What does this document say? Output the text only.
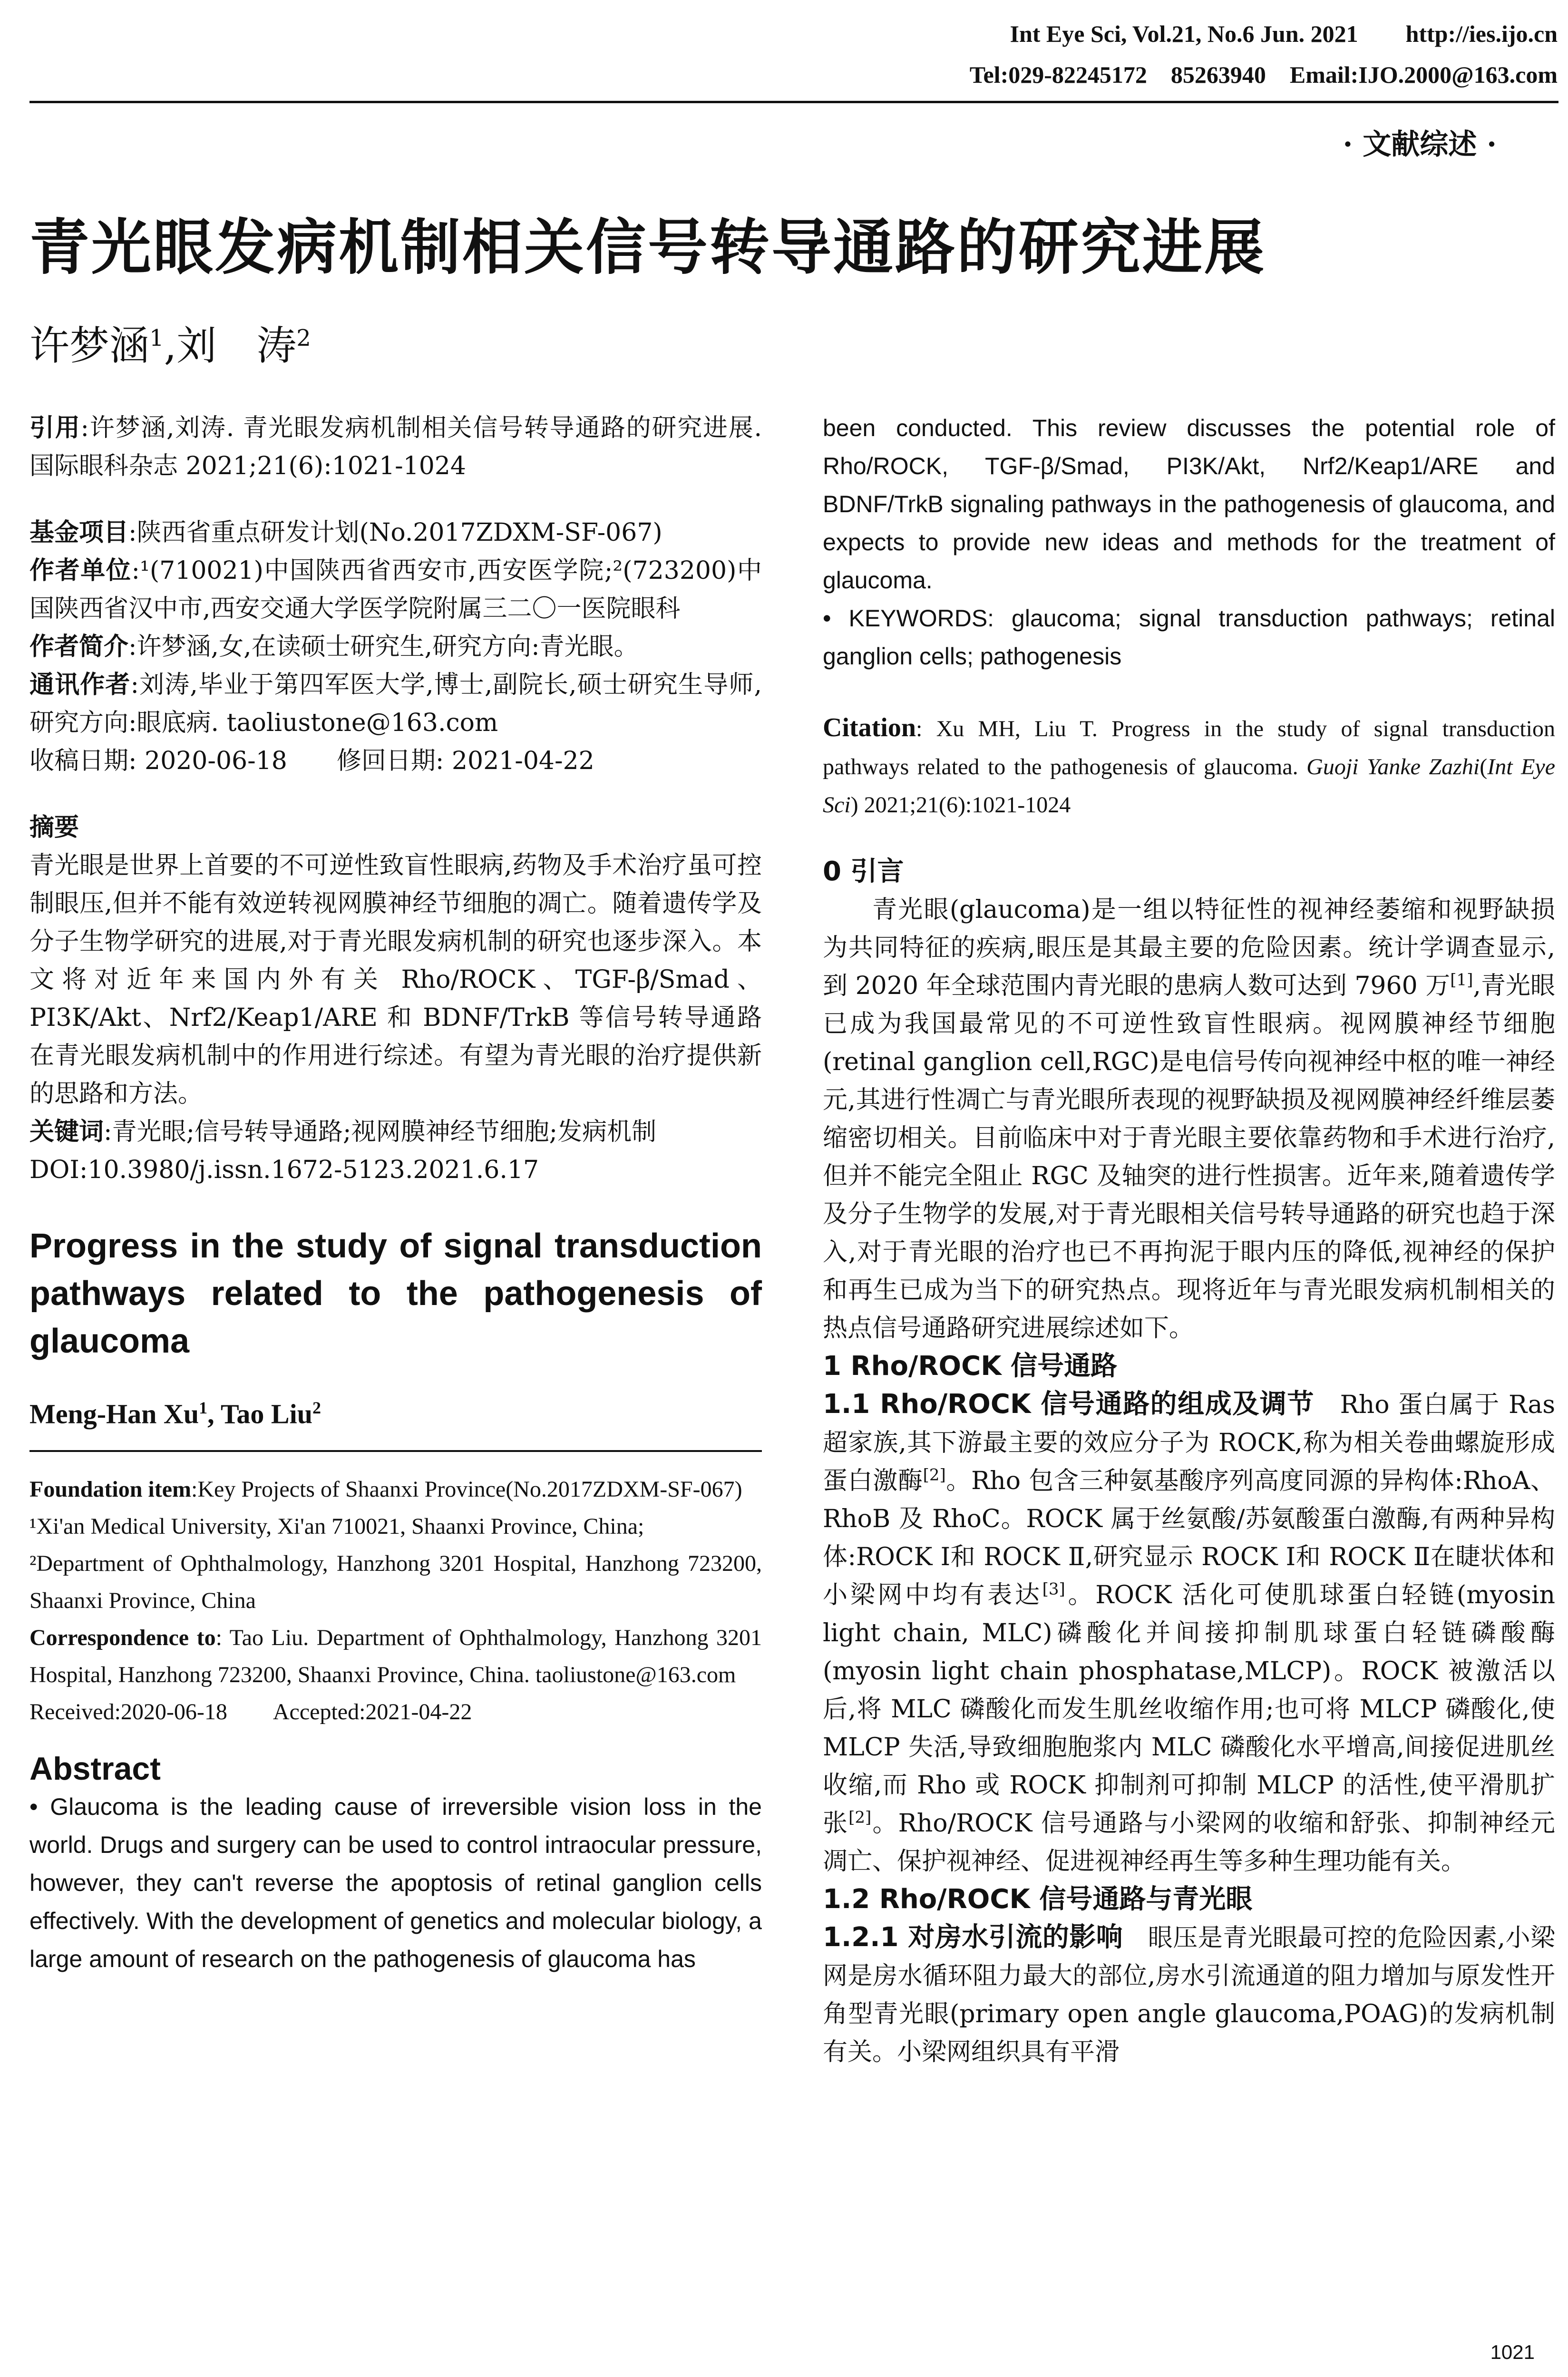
Int Eye Sci, Vol.21, No.6 Jun. 2021        http://ies.ijo.cn
Tel:029-82245172    85263940    Email:IJO.2000@163.com
· 文献综述 ·
青光眼发病机制相关信号转导通路的研究进展
许梦涵$^1$,刘　涛$^2$

引用:许梦涵,刘涛. 青光眼发病机制相关信号转导通路的研究进展. 国际眼科杂志 2021;21(6):1021-1024

基金项目:陕西省重点研发计划(No.2017ZDXM-SF-067)

作者单位:¹(710021)中国陕西省西安市,西安医学院;²(723200)中国陕西省汉中市,西安交通大学医学院附属三二〇一医院眼科

作者简介:许梦涵,女,在读硕士研究生,研究方向:青光眼。

通讯作者:刘涛,毕业于第四军医大学,博士,副院长,硕士研究生导师,研究方向:眼底病. taoliustone@163.com

收稿日期: 2020-06-18　　修回日期: 2021-04-22

摘要

青光眼是世界上首要的不可逆性致盲性眼病,药物及手术治疗虽可控制眼压,但并不能有效逆转视网膜神经节细胞的凋亡。随着遗传学及分子生物学研究的进展,对于青光眼发病机制的研究也逐步深入。本文将对近年来国内外有关 Rho/ROCK、TGF-β/Smad、PI3K/Akt、Nrf2/Keap1/ARE 和 BDNF/TrkB 等信号转导通路在青光眼发病机制中的作用进行综述。有望为青光眼的治疗提供新的思路和方法。

关键词:青光眼;信号转导通路;视网膜神经节细胞;发病机制

DOI:10.3980/j.issn.1672-5123.2021.6.17

Progress in the study of signal transduction pathways related to the pathogenesis of glaucoma

Meng-Han Xu$^1$, Tao Liu$^2$

Foundation item:Key Projects of Shaanxi Province(No.2017ZDXM-SF-067)

¹Xi'an Medical University, Xi'an 710021, Shaanxi Province, China;

²Department of Ophthalmology, Hanzhong 3201 Hospital, Hanzhong 723200, Shaanxi Province, China

Correspondence to: Tao Liu. Department of Ophthalmology, Hanzhong 3201 Hospital, Hanzhong 723200, Shaanxi Province, China. taoliustone@163.com

Received:2020-06-18　　Accepted:2021-04-22

Abstract

• Glaucoma is the leading cause of irreversible vision loss in the world. Drugs and surgery can be used to control intraocular pressure, however, they can't reverse the apoptosis of retinal ganglion cells effectively. With the development of genetics and molecular biology, a large amount of research on the pathogenesis of glaucoma has

been conducted. This review discusses the potential role of Rho/ROCK, TGF-β/Smad, PI3K/Akt, Nrf2/Keap1/ARE and BDNF/TrkB signaling pathways in the pathogenesis of glaucoma, and expects to provide new ideas and methods for the treatment of glaucoma.

• KEYWORDS: glaucoma; signal transduction pathways; retinal ganglion cells; pathogenesis

Citation: Xu MH, Liu T. Progress in the study of signal transduction pathways related to the pathogenesis of glaucoma. Guoji Yanke Zazhi(Int Eye Sci) 2021;21(6):1021-1024

0 引言

青光眼(glaucoma)是一组以特征性的视神经萎缩和视野缺损为共同特征的疾病,眼压是其最主要的危险因素。统计学调查显示,到 2020 年全球范围内青光眼的患病人数可达到 7960 万[1],青光眼已成为我国最常见的不可逆性致盲性眼病。视网膜神经节细胞(retinal ganglion cell,RGC)是电信号传向视神经中枢的唯一神经元,其进行性凋亡与青光眼所表现的视野缺损及视网膜神经纤维层萎缩密切相关。目前临床中对于青光眼主要依靠药物和手术进行治疗,但并不能完全阻止 RGC 及轴突的进行性损害。近年来,随着遗传学及分子生物学的发展,对于青光眼相关信号转导通路的研究也趋于深入,对于青光眼的治疗也已不再拘泥于眼内压的降低,视神经的保护和再生已成为当下的研究热点。现将近年与青光眼发病机制相关的热点信号通路研究进展综述如下。

1 Rho/ROCK 信号通路

1.1 Rho/ROCK 信号通路的组成及调节　Rho 蛋白属于 Ras 超家族,其下游最主要的效应分子为 ROCK,称为相关卷曲螺旋形成蛋白激酶[2]。Rho 包含三种氨基酸序列高度同源的异构体:RhoA、RhoB 及 RhoC。ROCK 属于丝氨酸/苏氨酸蛋白激酶,有两种异构体:ROCK Ⅰ和 ROCK Ⅱ,研究显示 ROCK Ⅰ和 ROCK Ⅱ在睫状体和小梁网中均有表达[3]。ROCK 活化可使肌球蛋白轻链(myosin light chain, MLC)磷酸化并间接抑制肌球蛋白轻链磷酸酶(myosin light chain phosphatase,MLCP)。ROCK 被激活以后,将 MLC 磷酸化而发生肌丝收缩作用;也可将 MLCP 磷酸化,使 MLCP 失活,导致细胞胞浆内 MLC 磷酸化水平增高,间接促进肌丝收缩,而 Rho 或 ROCK 抑制剂可抑制 MLCP 的活性,使平滑肌扩张[2]。Rho/ROCK 信号通路与小梁网的收缩和舒张、抑制神经元凋亡、保护视神经、促进视神经再生等多种生理功能有关。

1.2 Rho/ROCK 信号通路与青光眼

1.2.1 对房水引流的影响　眼压是青光眼最可控的危险因素,小梁网是房水循环阻力最大的部位,房水引流通道的阻力增加与原发性开角型青光眼(primary open angle glaucoma,POAG)的发病机制有关。小梁网组织具有平滑

1021
